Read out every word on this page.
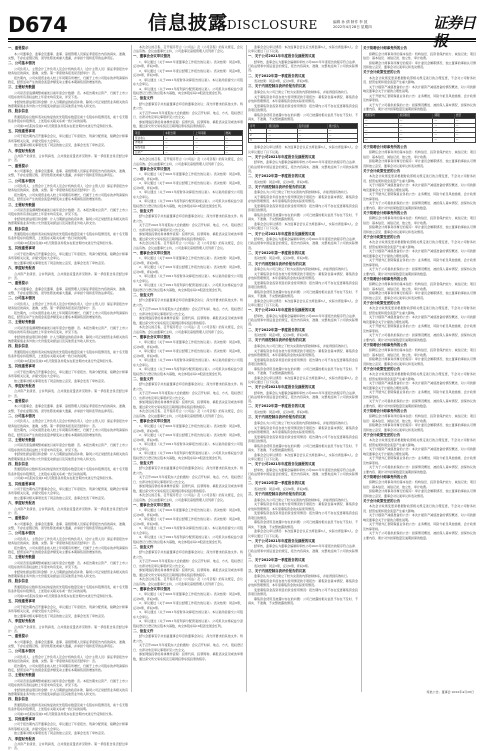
D674	信息披露
DISCLOSURE	编辑 孙 倩 制作 李 波
2022年4月28日 星期四	证券日
一、重要提示

本公司董事会、监事会及董事、监事、高级管理人员保证季度报告内容的真实、准确、完整，不存在虚假记载、误导性陈述或重大遗漏，并承担个别和连带的法律责任。

二、公司基本情况

公司负责人、主管会计工作负责人及会计机构负责人（会计主管人员）保证季度报告中财务信息的真实、准确、完整。第一季度财务报表是否经审计：否。

报告期内，公司实现营业收入较上年同期有所增长，归属于上市公司股东的净利润保持稳定，经营活动产生的现金流量净额变动主要系本期销售回款增加所致。

三、主要财务数据

公司是否需追溯调整或重述以前年度会计数据：否。本报告期末总资产、归属于上市公司股东的所有者权益较上年度末均有变动，详见下表。

非经常性损益项目和金额：计入当期损益的政府补助、除同公司正常经营业务相关的有效套期保值业务外的公允价值变动损益以及其他营业外收入和支出。

四、股东信息

普通股股东总数和表决权恢复的优先股股东数量及前十名股东持股情况表，前十名无限售条件股东持股情况，上述股东关联关系或一致行动的说明。

公司前10名股东及前10名无限售条件股东在报告期内未进行约定购回交易。

五、其他重要事项

公司于报告期内召开董事会会议，审议通过了年度报告、利润分配预案、续聘会计师事务所等相关议案，并提交股东大会审议。

独立董事对相关事项发表了同意的独立意见，监事会发表了审核意见。

六、季度财务报表

合并资产负债表、合并利润表、合并现金流量表详见附件。第一季度报告是否经过审计：否。

一、重要提示

本公司董事会、监事会及董事、监事、高级管理人员保证季度报告内容的真实、准确、完整，不存在虚假记载、误导性陈述或重大遗漏，并承担个别和连带的法律责任。

二、公司基本情况

公司负责人、主管会计工作负责人及会计机构负责人（会计主管人员）保证季度报告中财务信息的真实、准确、完整。第一季度财务报表是否经审计：否。

报告期内，公司实现营业收入较上年同期有所增长，归属于上市公司股东的净利润保持稳定，经营活动产生的现金流量净额变动主要系本期销售回款增加所致。

三、主要财务数据

公司是否需追溯调整或重述以前年度会计数据：否。本报告期末总资产、归属于上市公司股东的所有者权益较上年度末均有变动，详见下表。

非经常性损益项目和金额：计入当期损益的政府补助、除同公司正常经营业务相关的有效套期保值业务外的公允价值变动损益以及其他营业外收入和支出。

四、股东信息

普通股股东总数和表决权恢复的优先股股东数量及前十名股东持股情况表，前十名无限售条件股东持股情况，上述股东关联关系或一致行动的说明。

公司前10名股东及前10名无限售条件股东在报告期内未进行约定购回交易。

五、其他重要事项

公司于报告期内召开董事会会议，审议通过了年度报告、利润分配预案、续聘会计师事务所等相关议案，并提交股东大会审议。

独立董事对相关事项发表了同意的独立意见，监事会发表了审核意见。

六、季度财务报表

合并资产负债表、合并利润表、合并现金流量表详见附件。第一季度报告是否经过审计：否。

一、重要提示

本公司董事会、监事会及董事、监事、高级管理人员保证季度报告内容的真实、准确、完整，不存在虚假记载、误导性陈述或重大遗漏，并承担个别和连带的法律责任。

二、公司基本情况

公司负责人、主管会计工作负责人及会计机构负责人（会计主管人员）保证季度报告中财务信息的真实、准确、完整。第一季度财务报表是否经审计：否。

报告期内，公司实现营业收入较上年同期有所增长，归属于上市公司股东的净利润保持稳定，经营活动产生的现金流量净额变动主要系本期销售回款增加所致。

三、主要财务数据

公司是否需追溯调整或重述以前年度会计数据：否。本报告期末总资产、归属于上市公司股东的所有者权益较上年度末均有变动，详见下表。

非经常性损益项目和金额：计入当期损益的政府补助、除同公司正常经营业务相关的有效套期保值业务外的公允价值变动损益以及其他营业外收入和支出。

四、股东信息

普通股股东总数和表决权恢复的优先股股东数量及前十名股东持股情况表，前十名无限售条件股东持股情况，上述股东关联关系或一致行动的说明。

公司前10名股东及前10名无限售条件股东在报告期内未进行约定购回交易。

五、其他重要事项

公司于报告期内召开董事会会议，审议通过了年度报告、利润分配预案、续聘会计师事务所等相关议案，并提交股东大会审议。

独立董事对相关事项发表了同意的独立意见，监事会发表了审核意见。

六、季度财务报表

合并资产负债表、合并利润表、合并现金流量表详见附件。第一季度报告是否经过审计：否。

一、重要提示

本公司董事会、监事会及董事、监事、高级管理人员保证季度报告内容的真实、准确、完整，不存在虚假记载、误导性陈述或重大遗漏，并承担个别和连带的法律责任。

二、公司基本情况

公司负责人、主管会计工作负责人及会计机构负责人（会计主管人员）保证季度报告中财务信息的真实、准确、完整。第一季度财务报表是否经审计：否。

报告期内，公司实现营业收入较上年同期有所增长，归属于上市公司股东的净利润保持稳定，经营活动产生的现金流量净额变动主要系本期销售回款增加所致。

三、主要财务数据

公司是否需追溯调整或重述以前年度会计数据：否。本报告期末总资产、归属于上市公司股东的所有者权益较上年度末均有变动，详见下表。

非经常性损益项目和金额：计入当期损益的政府补助、除同公司正常经营业务相关的有效套期保值业务外的公允价值变动损益以及其他营业外收入和支出。

四、股东信息

普通股股东总数和表决权恢复的优先股股东数量及前十名股东持股情况表，前十名无限售条件股东持股情况，上述股东关联关系或一致行动的说明。

公司前10名股东及前10名无限售条件股东在报告期内未进行约定购回交易。

五、其他重要事项

公司于报告期内召开董事会会议，审议通过了年度报告、利润分配预案、续聘会计师事务所等相关议案，并提交股东大会审议。

独立董事对相关事项发表了同意的独立意见，监事会发表了审核意见。

六、季度财务报表

合并资产负债表、合并利润表、合并现金流量表详见附件。第一季度报告是否经过审计：否。

一、重要提示

本公司董事会、监事会及董事、监事、高级管理人员保证季度报告内容的真实、准确、完整，不存在虚假记载、误导性陈述或重大遗漏，并承担个别和连带的法律责任。

二、公司基本情况

公司负责人、主管会计工作负责人及会计机构负责人（会计主管人员）保证季度报告中财务信息的真实、准确、完整。第一季度财务报表是否经审计：否。

报告期内，公司实现营业收入较上年同期有所增长，归属于上市公司股东的净利润保持稳定，经营活动产生的现金流量净额变动主要系本期销售回款增加所致。

三、主要财务数据

公司是否需追溯调整或重述以前年度会计数据：否。本报告期末总资产、归属于上市公司股东的所有者权益较上年度末均有变动，详见下表。

非经常性损益项目和金额：计入当期损益的政府补助、除同公司正常经营业务相关的有效套期保值业务外的公允价值变动损益以及其他营业外收入和支出。

四、股东信息

普通股股东总数和表决权恢复的优先股股东数量及前十名股东持股情况表，前十名无限售条件股东持股情况，上述股东关联关系或一致行动的说明。

公司前10名股东及前10名无限售条件股东在报告期内未进行约定购回交易。

五、其他重要事项

公司于报告期内召开董事会会议，审议通过了年度报告、利润分配预案、续聘会计师事务所等相关议案，并提交股东大会审议。

独立董事对相关事项发表了同意的独立意见，监事会发表了审核意见。

六、季度财务报表

合并资产负债表、合并利润表、合并现金流量表详见附件。第一季度报告是否经过审计：否。

一、重要提示

本公司董事会、监事会及董事、监事、高级管理人员保证季度报告内容的真实、准确、完整，不存在虚假记载、误导性陈述或重大遗漏，并承担个别和连带的法律责任。

二、公司基本情况

公司负责人、主管会计工作负责人及会计机构负责人（会计主管人员）保证季度报告中财务信息的真实、准确、完整。第一季度财务报表是否经审计：否。

报告期内，公司实现营业收入较上年同期有所增长，归属于上市公司股东的净利润保持稳定，经营活动产生的现金流量净额变动主要系本期销售回款增加所致。

三、主要财务数据

公司是否需追溯调整或重述以前年度会计数据：否。本报告期末总资产、归属于上市公司股东的所有者权益较上年度末均有变动，详见下表。

非经常性损益项目和金额：计入当期损益的政府补助、除同公司正常经营业务相关的有效套期保值业务外的公允价值变动损益以及其他营业外收入和支出。

四、股东信息

普通股股东总数和表决权恢复的优先股股东数量及前十名股东持股情况表，前十名无限售条件股东持股情况，上述股东关联关系或一致行动的说明。

公司前10名股东及前10名无限售条件股东在报告期内未进行约定购回交易。

五、其他重要事项

公司于报告期内召开董事会会议，审议通过了年度报告、利润分配预案、续聘会计师事务所等相关议案，并提交股东大会审议。

独立董事对相关事项发表了同意的独立意见，监事会发表了审核意见。

六、季度财务报表

合并资产负债表、合并利润表、合并现金流量表详见附件。第一季度报告是否经过审计：否。

本次会议的召集、召开程序符合《公司法》及《公司章程》的有关规定，会议合法有效。会议由董事长主持，公司监事及高级管理人员列席了会议。

一、董事会会议审议情况

1、审议通过《关于2021年度董事会工作报告的议案》。表决结果：同意9票，反对0票，弃权0票。

2、审议通过《关于2021年度总经理工作报告的议案》。表决结果：同意9票，反对0票，弃权0票。

3、审议通过《关于2021年度财务决算报告的议案》。本议案尚需提交公司股东大会审议。

4、审议通过《关于2021年度利润分配预案的议案》。公司拟以实施权益分派股权登记日登记的总股本为基数，向全体股东每10股派发现金红利。

二、备查文件

经与会董事签字并加盖董事会印章的董事会决议；深交所要求的其他文件。特此公告。

关于召开2021年年度股东大会的通知：会议召开时间、地点、方式、股权登记日、出席对象及审议事项详见公告全文。

参加网络投票的具体操作流程：投票代码、投票简称、填报表决意见或选举票数，通过深交所交易系统及互联网投票系统投票的程序。

项目	本报告期	上年同期	增减
营业收入	—	—	—
净利润	—	—	—
每股收益	—	—	—
总资产	—	—	—

本次会议的召集、召开程序符合《公司法》及《公司章程》的有关规定，会议合法有效。会议由董事长主持，公司监事及高级管理人员列席了会议。

一、董事会会议审议情况

1、审议通过《关于2021年度董事会工作报告的议案》。表决结果：同意9票，反对0票，弃权0票。

2、审议通过《关于2021年度总经理工作报告的议案》。表决结果：同意9票，反对0票，弃权0票。

3、审议通过《关于2021年度财务决算报告的议案》。本议案尚需提交公司股东大会审议。

4、审议通过《关于2021年度利润分配预案的议案》。公司拟以实施权益分派股权登记日登记的总股本为基数，向全体股东每10股派发现金红利。

二、备查文件

经与会董事签字并加盖董事会印章的董事会决议；深交所要求的其他文件。特此公告。

关于召开2021年年度股东大会的通知：会议召开时间、地点、方式、股权登记日、出席对象及审议事项详见公告全文。

参加网络投票的具体操作流程：投票代码、投票简称、填报表决意见或选举票数，通过深交所交易系统及互联网投票系统投票的程序。

本次会议的召集、召开程序符合《公司法》及《公司章程》的有关规定，会议合法有效。会议由董事长主持，公司监事及高级管理人员列席了会议。

一、董事会会议审议情况

1、审议通过《关于2021年度董事会工作报告的议案》。表决结果：同意9票，反对0票，弃权0票。

2、审议通过《关于2021年度总经理工作报告的议案》。表决结果：同意9票，反对0票，弃权0票。

3、审议通过《关于2021年度财务决算报告的议案》。本议案尚需提交公司股东大会审议。

4、审议通过《关于2021年度利润分配预案的议案》。公司拟以实施权益分派股权登记日登记的总股本为基数，向全体股东每10股派发现金红利。

二、备查文件

经与会董事签字并加盖董事会印章的董事会决议；深交所要求的其他文件。特此公告。

关于召开2021年年度股东大会的通知：会议召开时间、地点、方式、股权登记日、出席对象及审议事项详见公告全文。

参加网络投票的具体操作流程：投票代码、投票简称、填报表决意见或选举票数，通过深交所交易系统及互联网投票系统投票的程序。

本次会议的召集、召开程序符合《公司法》及《公司章程》的有关规定，会议合法有效。会议由董事长主持，公司监事及高级管理人员列席了会议。

一、董事会会议审议情况

1、审议通过《关于2021年度董事会工作报告的议案》。表决结果：同意9票，反对0票，弃权0票。

2、审议通过《关于2021年度总经理工作报告的议案》。表决结果：同意9票，反对0票，弃权0票。

3、审议通过《关于2021年度财务决算报告的议案》。本议案尚需提交公司股东大会审议。

4、审议通过《关于2021年度利润分配预案的议案》。公司拟以实施权益分派股权登记日登记的总股本为基数，向全体股东每10股派发现金红利。

二、备查文件

经与会董事签字并加盖董事会印章的董事会决议；深交所要求的其他文件。特此公告。

关于召开2021年年度股东大会的通知：会议召开时间、地点、方式、股权登记日、出席对象及审议事项详见公告全文。

参加网络投票的具体操作流程：投票代码、投票简称、填报表决意见或选举票数，通过深交所交易系统及互联网投票系统投票的程序。

本次会议的召集、召开程序符合《公司法》及《公司章程》的有关规定，会议合法有效。会议由董事长主持，公司监事及高级管理人员列席了会议。

一、董事会会议审议情况

1、审议通过《关于2021年度董事会工作报告的议案》。表决结果：同意9票，反对0票，弃权0票。

2、审议通过《关于2021年度总经理工作报告的议案》。表决结果：同意9票，反对0票，弃权0票。

3、审议通过《关于2021年度财务决算报告的议案》。本议案尚需提交公司股东大会审议。

4、审议通过《关于2021年度利润分配预案的议案》。公司拟以实施权益分派股权登记日登记的总股本为基数，向全体股东每10股派发现金红利。

二、备查文件

经与会董事签字并加盖董事会印章的董事会决议；深交所要求的其他文件。特此公告。

关于召开2021年年度股东大会的通知：会议召开时间、地点、方式、股权登记日、出席对象及审议事项详见公告全文。

参加网络投票的具体操作流程：投票代码、投票简称、填报表决意见或选举票数，通过深交所交易系统及互联网投票系统投票的程序。

本次会议的召集、召开程序符合《公司法》及《公司章程》的有关规定，会议合法有效。会议由董事长主持，公司监事及高级管理人员列席了会议。

一、董事会会议审议情况

1、审议通过《关于2021年度董事会工作报告的议案》。表决结果：同意9票，反对0票，弃权0票。

2、审议通过《关于2021年度总经理工作报告的议案》。表决结果：同意9票，反对0票，弃权0票。

3、审议通过《关于2021年度财务决算报告的议案》。本议案尚需提交公司股东大会审议。

4、审议通过《关于2021年度利润分配预案的议案》。公司拟以实施权益分派股权登记日登记的总股本为基数，向全体股东每10股派发现金红利。

二、备查文件

经与会董事签字并加盖董事会印章的董事会决议；深交所要求的其他文件。特此公告。

关于召开2021年年度股东大会的通知：会议召开时间、地点、方式、股权登记日、出席对象及审议事项详见公告全文。

参加网络投票的具体操作流程：投票代码、投票简称、填报表决意见或选举票数，通过深交所交易系统及互联网投票系统投票的程序。

本次会议的召集、召开程序符合《公司法》及《公司章程》的有关规定，会议合法有效。会议由董事长主持，公司监事及高级管理人员列席了会议。

一、董事会会议审议情况

1、审议通过《关于2021年度董事会工作报告的议案》。表决结果：同意9票，反对0票，弃权0票。

2、审议通过《关于2021年度总经理工作报告的议案》。表决结果：同意9票，反对0票，弃权0票。

3、审议通过《关于2021年度财务决算报告的议案》。本议案尚需提交公司股东大会审议。

4、审议通过《关于2021年度利润分配预案的议案》。公司拟以实施权益分派股权登记日登记的总股本为基数，向全体股东每10股派发现金红利。

二、备查文件

经与会董事签字并加盖董事会印章的董事会决议；深交所要求的其他文件。特此公告。

关于召开2021年年度股东大会的通知：会议召开时间、地点、方式、股权登记日、出席对象及审议事项详见公告全文。

参加网络投票的具体操作流程：投票代码、投票简称、填报表决意见或选举票数，通过深交所交易系统及互联网投票系统投票的程序。

监事会会议审议情况：本次监事会会议应出席监事3人，实际出席监事3人。会议审议通过了以下议案。

一、关于公司2021年年度报告及摘要的议案

经审核，监事会认为董事会编制和审核公司2021年年度报告的程序符合法律、行政法规和中国证监会的规定，报告内容真实、准确、完整地反映了公司的实际情况。

二、关于2022年第一季度报告的议案

表决结果：同意3票，反对0票，弃权0票。

三、关于内部控制自我评价报告的议案

监事会认为公司已建立了较为完善的内部控制体系，并能得到有效执行。

关于募集资金年度存放与使用情况的专项报告：募集资金基本情况、募集资金存放和管理情况、本年度募集资金的实际使用情况。

变更募集资金投资项目的资金使用情况：报告期内公司不存在变更募集资金投资项目的情况。

募集资金使用及披露中存在的问题：公司已披露的相关信息不存在不及时、不真实、不准确、不完整披露的情况。

序号	项目名称	投资总额	累计投入
1	—	—	—
2	—	—	—
3	—	—	—

监事会会议审议情况：本次监事会会议应出席监事3人，实际出席监事3人。会议审议通过了以下议案。

一、关于公司2021年年度报告及摘要的议案

经审核，监事会认为董事会编制和审核公司2021年年度报告的程序符合法律、行政法规和中国证监会的规定，报告内容真实、准确、完整地反映了公司的实际情况。

二、关于2022年第一季度报告的议案

表决结果：同意3票，反对0票，弃权0票。

三、关于内部控制自我评价报告的议案

监事会认为公司已建立了较为完善的内部控制体系，并能得到有效执行。

关于募集资金年度存放与使用情况的专项报告：募集资金基本情况、募集资金存放和管理情况、本年度募集资金的实际使用情况。

变更募集资金投资项目的资金使用情况：报告期内公司不存在变更募集资金投资项目的情况。

募集资金使用及披露中存在的问题：公司已披露的相关信息不存在不及时、不真实、不准确、不完整披露的情况。

监事会会议审议情况：本次监事会会议应出席监事3人，实际出席监事3人。会议审议通过了以下议案。

一、关于公司2021年年度报告及摘要的议案

经审核，监事会认为董事会编制和审核公司2021年年度报告的程序符合法律、行政法规和中国证监会的规定，报告内容真实、准确、完整地反映了公司的实际情况。

二、关于2022年第一季度报告的议案

表决结果：同意3票，反对0票，弃权0票。

三、关于内部控制自我评价报告的议案

监事会认为公司已建立了较为完善的内部控制体系，并能得到有效执行。

关于募集资金年度存放与使用情况的专项报告：募集资金基本情况、募集资金存放和管理情况、本年度募集资金的实际使用情况。

变更募集资金投资项目的资金使用情况：报告期内公司不存在变更募集资金投资项目的情况。

募集资金使用及披露中存在的问题：公司已披露的相关信息不存在不及时、不真实、不准确、不完整披露的情况。

监事会会议审议情况：本次监事会会议应出席监事3人，实际出席监事3人。会议审议通过了以下议案。

一、关于公司2021年年度报告及摘要的议案

经审核，监事会认为董事会编制和审核公司2021年年度报告的程序符合法律、行政法规和中国证监会的规定，报告内容真实、准确、完整地反映了公司的实际情况。

二、关于2022年第一季度报告的议案

表决结果：同意3票，反对0票，弃权0票。

三、关于内部控制自我评价报告的议案

监事会认为公司已建立了较为完善的内部控制体系，并能得到有效执行。

关于募集资金年度存放与使用情况的专项报告：募集资金基本情况、募集资金存放和管理情况、本年度募集资金的实际使用情况。

变更募集资金投资项目的资金使用情况：报告期内公司不存在变更募集资金投资项目的情况。

募集资金使用及披露中存在的问题：公司已披露的相关信息不存在不及时、不真实、不准确、不完整披露的情况。

监事会会议审议情况：本次监事会会议应出席监事3人，实际出席监事3人。会议审议通过了以下议案。

一、关于公司2021年年度报告及摘要的议案

经审核，监事会认为董事会编制和审核公司2021年年度报告的程序符合法律、行政法规和中国证监会的规定，报告内容真实、准确、完整地反映了公司的实际情况。

二、关于2022年第一季度报告的议案

表决结果：同意3票，反对0票，弃权0票。

三、关于内部控制自我评价报告的议案

监事会认为公司已建立了较为完善的内部控制体系，并能得到有效执行。

关于募集资金年度存放与使用情况的专项报告：募集资金基本情况、募集资金存放和管理情况、本年度募集资金的实际使用情况。

变更募集资金投资项目的资金使用情况：报告期内公司不存在变更募集资金投资项目的情况。

募集资金使用及披露中存在的问题：公司已披露的相关信息不存在不及时、不真实、不准确、不完整披露的情况。

监事会会议审议情况：本次监事会会议应出席监事3人，实际出席监事3人。会议审议通过了以下议案。

一、关于公司2021年年度报告及摘要的议案

经审核，监事会认为董事会编制和审核公司2021年年度报告的程序符合法律、行政法规和中国证监会的规定，报告内容真实、准确、完整地反映了公司的实际情况。

二、关于2022年第一季度报告的议案

表决结果：同意3票，反对0票，弃权0票。

三、关于内部控制自我评价报告的议案

监事会认为公司已建立了较为完善的内部控制体系，并能得到有效执行。

关于募集资金年度存放与使用情况的专项报告：募集资金基本情况、募集资金存放和管理情况、本年度募集资金的实际使用情况。

变更募集资金投资项目的资金使用情况：报告期内公司不存在变更募集资金投资项目的情况。

募集资金使用及披露中存在的问题：公司已披露的相关信息不存在不及时、不真实、不准确、不完整披露的情况。

监事会会议审议情况：本次监事会会议应出席监事3人，实际出席监事3人。会议审议通过了以下议案。

一、关于公司2021年年度报告及摘要的议案

经审核，监事会认为董事会编制和审核公司2021年年度报告的程序符合法律、行政法规和中国证监会的规定，报告内容真实、准确、完整地反映了公司的实际情况。

二、关于2022年第一季度报告的议案

表决结果：同意3票，反对0票，弃权0票。

三、关于内部控制自我评价报告的议案

监事会认为公司已建立了较为完善的内部控制体系，并能得到有效执行。

关于募集资金年度存放与使用情况的专项报告：募集资金基本情况、募集资金存放和管理情况、本年度募集资金的实际使用情况。

变更募集资金投资项目的资金使用情况：报告期内公司不存在变更募集资金投资项目的情况。

募集资金使用及披露中存在的问题：公司已披露的相关信息不存在不及时、不真实、不准确、不完整披露的情况。

关于续聘会计师事务所的公告

拟聘任会计师事务所的基本信息：机构信息、投资者保护能力、诚信记录；项目信息：基本信息、诚信记录、独立性、审计收费。

拟续聘会计师事务所履行的程序：审计委员会履职情况、独立董事的事前认可情况和独立意见、董事会对议案审议和表决情况。

关于会计政策变更的公告

本次会计政策变更是根据财政部相关规定进行的合理变更，不会对公司财务状况、经营成果和现金流量产生重大影响。

关于计提资产减值准备的公告：本次计提资产减值准备的情况概述、对公司的影响及董事会关于计提的合理性说明。

关于开展外汇套期保值业务的公告：业务概述、风险分析及风控措施、会计政策及核算原则。

关于为子公司提供担保的公告：担保情况概述、被担保人基本情况、担保协议的主要内容、累计对外担保数量及逾期担保的数量。

被担保方	担保额度	期限	类型
—	—	—	—
—	—	—	—
—	—	—	—
—	—	—	—
—	—	—	—
关于续聘会计师事务所的公告

拟聘任会计师事务所的基本信息：机构信息、投资者保护能力、诚信记录；项目信息：基本信息、诚信记录、独立性、审计收费。

拟续聘会计师事务所履行的程序：审计委员会履职情况、独立董事的事前认可情况和独立意见、董事会对议案审议和表决情况。

关于会计政策变更的公告

本次会计政策变更是根据财政部相关规定进行的合理变更，不会对公司财务状况、经营成果和现金流量产生重大影响。

关于计提资产减值准备的公告：本次计提资产减值准备的情况概述、对公司的影响及董事会关于计提的合理性说明。

关于开展外汇套期保值业务的公告：业务概述、风险分析及风控措施、会计政策及核算原则。

关于为子公司提供担保的公告：担保情况概述、被担保人基本情况、担保协议的主要内容、累计对外担保数量及逾期担保的数量。

关于续聘会计师事务所的公告

拟聘任会计师事务所的基本信息：机构信息、投资者保护能力、诚信记录；项目信息：基本信息、诚信记录、独立性、审计收费。

拟续聘会计师事务所履行的程序：审计委员会履职情况、独立董事的事前认可情况和独立意见、董事会对议案审议和表决情况。

关于会计政策变更的公告

本次会计政策变更是根据财政部相关规定进行的合理变更，不会对公司财务状况、经营成果和现金流量产生重大影响。

关于计提资产减值准备的公告：本次计提资产减值准备的情况概述、对公司的影响及董事会关于计提的合理性说明。

关于开展外汇套期保值业务的公告：业务概述、风险分析及风控措施、会计政策及核算原则。

关于为子公司提供担保的公告：担保情况概述、被担保人基本情况、担保协议的主要内容、累计对外担保数量及逾期担保的数量。

关于续聘会计师事务所的公告

拟聘任会计师事务所的基本信息：机构信息、投资者保护能力、诚信记录；项目信息：基本信息、诚信记录、独立性、审计收费。

拟续聘会计师事务所履行的程序：审计委员会履职情况、独立董事的事前认可情况和独立意见、董事会对议案审议和表决情况。

关于会计政策变更的公告

本次会计政策变更是根据财政部相关规定进行的合理变更，不会对公司财务状况、经营成果和现金流量产生重大影响。

关于计提资产减值准备的公告：本次计提资产减值准备的情况概述、对公司的影响及董事会关于计提的合理性说明。

关于开展外汇套期保值业务的公告：业务概述、风险分析及风控措施、会计政策及核算原则。

关于为子公司提供担保的公告：担保情况概述、被担保人基本情况、担保协议的主要内容、累计对外担保数量及逾期担保的数量。

关于续聘会计师事务所的公告

拟聘任会计师事务所的基本信息：机构信息、投资者保护能力、诚信记录；项目信息：基本信息、诚信记录、独立性、审计收费。

拟续聘会计师事务所履行的程序：审计委员会履职情况、独立董事的事前认可情况和独立意见、董事会对议案审议和表决情况。

关于会计政策变更的公告

本次会计政策变更是根据财政部相关规定进行的合理变更，不会对公司财务状况、经营成果和现金流量产生重大影响。

关于计提资产减值准备的公告：本次计提资产减值准备的情况概述、对公司的影响及董事会关于计提的合理性说明。

关于开展外汇套期保值业务的公告：业务概述、风险分析及风控措施、会计政策及核算原则。

关于为子公司提供担保的公告：担保情况概述、被担保人基本情况、担保协议的主要内容、累计对外担保数量及逾期担保的数量。

关于续聘会计师事务所的公告

拟聘任会计师事务所的基本信息：机构信息、投资者保护能力、诚信记录；项目信息：基本信息、诚信记录、独立性、审计收费。

拟续聘会计师事务所履行的程序：审计委员会履职情况、独立董事的事前认可情况和独立意见、董事会对议案审议和表决情况。

关于会计政策变更的公告

本次会计政策变更是根据财政部相关规定进行的合理变更，不会对公司财务状况、经营成果和现金流量产生重大影响。

关于计提资产减值准备的公告：本次计提资产减值准备的情况概述、对公司的影响及董事会关于计提的合理性说明。

关于开展外汇套期保值业务的公告：业务概述、风险分析及风控措施、会计政策及核算原则。

关于为子公司提供担保的公告：担保情况概述、被担保人基本情况、担保协议的主要内容、累计对外担保数量及逾期担保的数量。

关于续聘会计师事务所的公告

拟聘任会计师事务所的基本信息：机构信息、投资者保护能力、诚信记录；项目信息：基本信息、诚信记录、独立性、审计收费。

拟续聘会计师事务所履行的程序：审计委员会履职情况、独立董事的事前认可情况和独立意见、董事会对议案审议和表决情况。

关于会计政策变更的公告

本次会计政策变更是根据财政部相关规定进行的合理变更，不会对公司财务状况、经营成果和现金流量产生重大影响。

关于计提资产减值准备的公告：本次计提资产减值准备的情况概述、对公司的影响及董事会关于计提的合理性说明。

关于开展外汇套期保值业务的公告：业务概述、风险分析及风控措施、会计政策及核算原则。

关于为子公司提供担保的公告：担保情况概述、被担保人基本情况、担保协议的主要内容、累计对外担保数量及逾期担保的数量。

特此公告。董事会 2022年4月28日
